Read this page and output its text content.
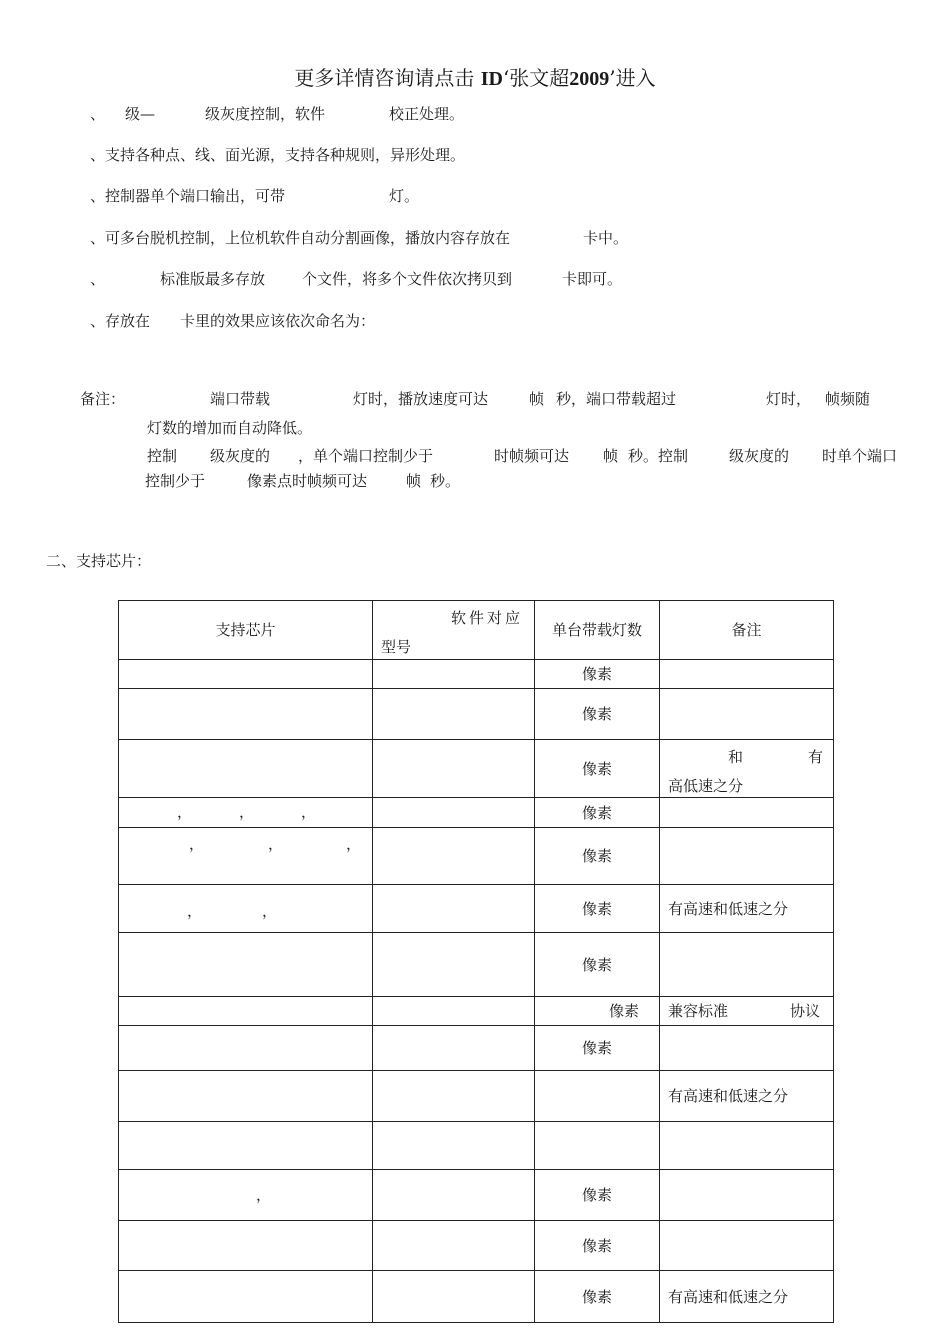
更多详情咨询请点击 ID‘张文超2009’进入
、 级—	级灰度控制，软件	校正处理。
、支持各种点、线、面光源，支持各种规则，异形处理。
、控制器单个端口输出，可带	灯。
、可多台脱机控制，上位机软件自动分割画像，播放内容存放在	卡中。
、	标准版最多存放 个文件，将多个文件依次拷贝到	卡即可。
、存放在 卡里的效果应该依次命名为：
备注：	端口带载	灯时，播放速度可达	帧 秒，端口带载超过	灯时， 帧频随
灯数的增加而自动降低。
控制 级灰度的 ，单个端口控制少于	时帧频可达 帧 秒。控制	级灰度的 时单个端口
控制少于	像素点时帧频可达	帧 秒。
二、支持芯片：
支持芯片	软件对应
型号	单台带载灯数	备注
		像素	
		像素	
		像素	和 有
高低速之分

， ， ，		像素	

， ， ，		像素	

， ，		像素	有高速和低速之分
		像素	
		像素	兼容标准 协议

		像素	
			有高速和低速之分

，		像素	
		像素	
		像素	有高速和低速之分
